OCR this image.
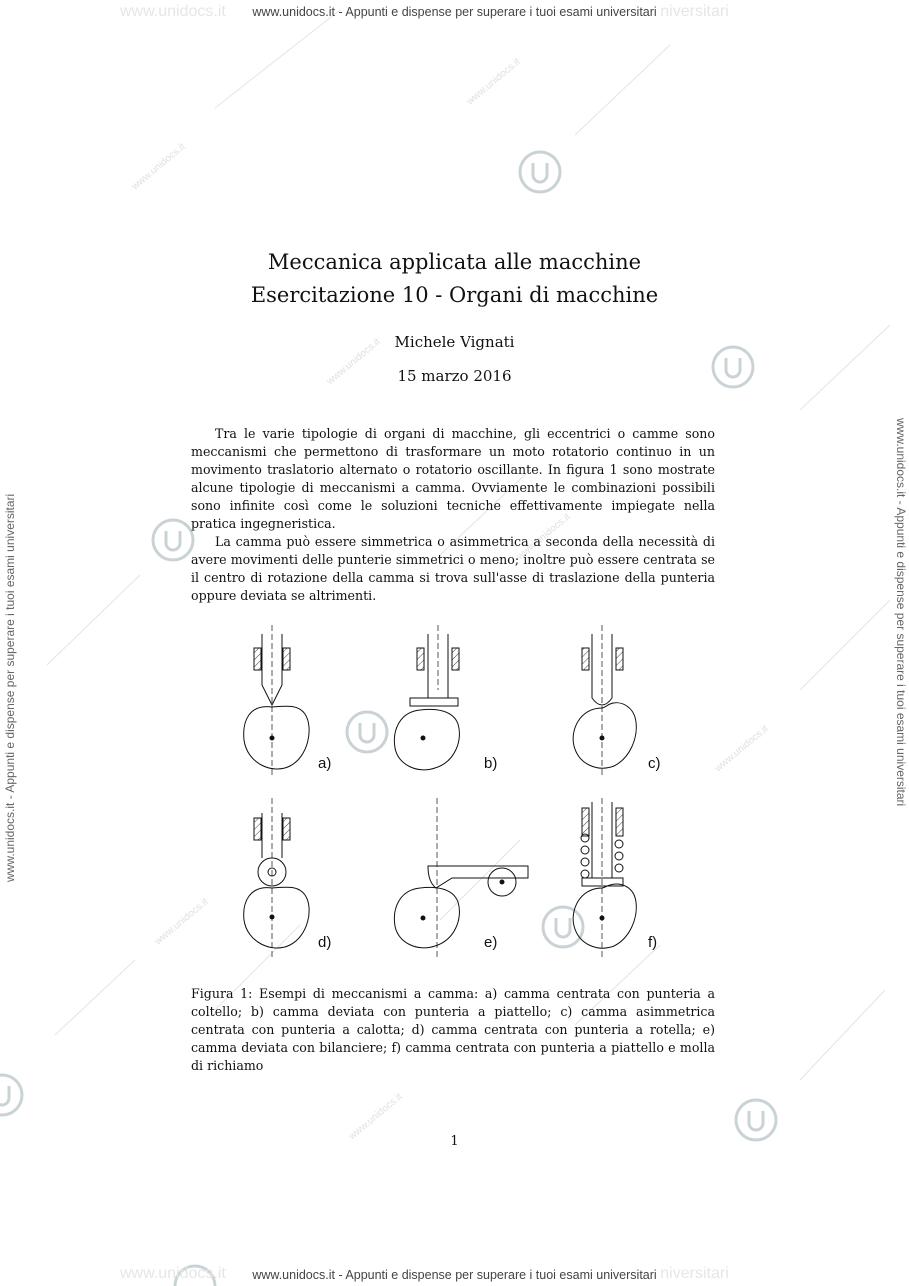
www.unidocs.it
www.unidocs.it
www.unidocs.it
www.unidocs.it
www.unidocs.it
www.unidocs.it
www.unidocs.it
www.unidocs.it	niversitari
www.unidocs.it - Appunti e dispense per superare i tuoi esami universitari
www.unidocs.it - Appunti e dispense per superare i tuoi esami universitari	www.unidocs.it - Appunti e dispense per superare i tuoi esami universitari
Meccanica applicata alle macchine
Esercitazione 10 - Organi di macchine
Michele Vignati
15 marzo 2016

Tra le varie tipologie di organi di macchine, gli eccentrici o camme sono meccanismi che permettono di trasformare un moto rotatorio continuo in un movimento traslatorio alternato o rotatorio oscillante. In figura 1 sono mostrate alcune tipologie di meccanismi a camma. Ovviamente le combinazioni possibili sono infinite così come le soluzioni tecniche effettivamente impiegate nella pratica ingegneristica.

La camma può essere simmetrica o asimmetrica a seconda della necessità di avere movimenti delle punterie simmetrici o meno; inoltre può essere centrata se il centro di rotazione della camma si trova sull'asse di traslazione della punteria oppure deviata se altrimenti.

a)	b)	c)
d)	e)	f)
Figura 1: Esempi di meccanismi a camma: a) camma centrata con punteria a coltello; b) camma deviata con punteria a piattello; c) camma asimmetrica centrata con punteria a calotta; d) camma centrata con punteria a rotella; e) camma deviata con bilanciere; f) camma centrata con punteria a piattello e molla di richiamo
1
www.unidocs.it	niversitari
www.unidocs.it - Appunti e dispense per superare i tuoi esami universitari
